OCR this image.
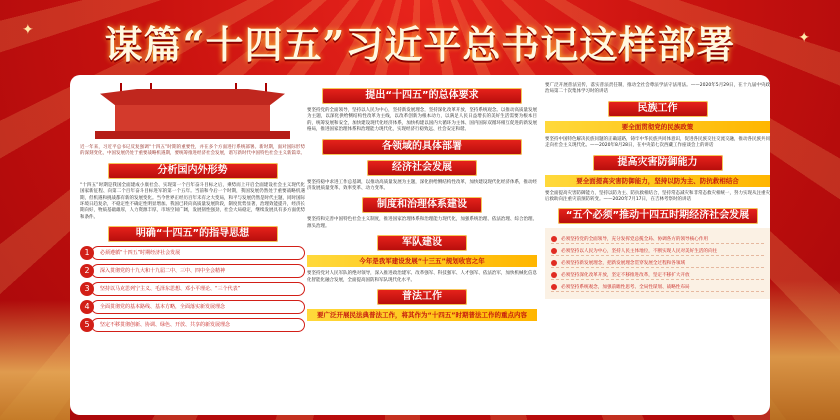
✦	✦
谋篇“十四五”习近平总书记这样部署

近一年来，习近平总书记反复强调“十四五”时期的重要性，并在多个方面进行系统部署。新时期，面对国际形势的深刻变化，中国发展仍处于重要战略机遇期，要统筹推进经济社会发展，谱写新时代中国特色社会主义新篇章。

分析国内外形势

“十四五”时期是我国全面建成小康社会、实现第一个百年奋斗目标之后，乘势而上开启全面建设社会主义现代化国家新征程、向第二个百年奋斗目标进军的第一个五年。当前和今后一个时期，我国发展仍然处于重要战略机遇期，但机遇和挑战都有新的发展变化。当今世界正经历百年未有之大变局，和平与发展仍然是时代主题，同时国际环境日趋复杂，不稳定性不确定性明显增加。我国已转向高质量发展阶段，制度优势显著，治理效能提升，经济长期向好，物质基础雄厚，人力资源丰厚，市场空间广阔，发展韧性强劲，社会大局稳定，继续发展具有多方面优势和条件。

明确“十四五”的指导思想
1	必须遵循“十四五”时期经济社会发展
2	深入贯彻党的十九大和十九届二中、三中、四中全会精神
3	坚持以马克思列宁主义、毛泽东思想、邓小平理论、“三个代表”
4	全面贯彻党的基本路线、基本方略，全面落实新发展理念
5	坚定不移贯彻创新、协调、绿色、开放、共享的新发展理念
提出“十四五”的总体要求

要坚持党的全面领导，坚持以人民为中心，坚持新发展理念，坚持深化改革开放，坚持系统观念。以推动高质量发展为主题，以深化供给侧结构性改革为主线，以改革创新为根本动力，以满足人民日益增长的美好生活需要为根本目的，统筹发展和安全，加快建设现代化经济体系，加快构建以国内大循环为主体、国内国际双循环相互促进的新发展格局，推进国家治理体系和治理能力现代化，实现经济行稳致远、社会安定和谐。

各领域的具体部署
经济社会发展

要坚持稳中求进工作总基调，以推动高质量发展为主题，深化供给侧结构性改革，加快建设现代化经济体系，推动经济发展质量变革、效率变革、动力变革。

制度和治理体系建设

要坚持和完善中国特色社会主义制度，推进国家治理体系和治理能力现代化，加强系统治理、依法治理、综合治理、源头治理。

军队建设
今年是我军建设发展“十三五”规划收官之年

要坚持党对人民军队的绝对领导，深入推进政治建军、改革强军、科技强军、人才强军、依法治军，加快机械化信息化智能化融合发展，全面提高国防和军队现代化水平。

普法工作
要广泛开展民法典普法工作，将其作为“十四五”时期普法工作的重点内容

要广泛开展普法宣传，落实普法责任制，推动全社会尊法学法守法用法。——2020年5月29日，在十九届中央政治局第二十次集体学习时的讲话

民族工作
要全面贯彻党的民族政策

要坚持中国特色解决民族问题的正确道路，铸牢中华民族共同体意识，促进各民族交往交流交融，推动各民族共同走向社会主义现代化。——2020年8月28日，在中央第七次西藏工作座谈会上的讲话

提高灾害防御能力
要全面提高灾害防御能力，坚持以防为主、防抗救相结合

要全面提高灾害防御能力，坚持以防为主、防抗救相结合，坚持常态减灾和非常态救灾相统一，努力实现从注重灾后救助向注重灾前预防转变。——2020年7月17日，在吉林考察时的讲话

“五个必须”推动十四五时期经济社会发展
必须坚持党的全面领导，充分发挥党总揽全局、协调各方的领导核心作用
必须坚持以人民为中心，坚持人民主体地位，不断实现人民对美好生活的向往
必须坚持新发展理念，把新发展理念贯穿发展全过程和各领域
必须坚持深化改革开放，坚定不移推进改革，坚定不移扩大开放
必须坚持系统观念，加强前瞻性思考、全局性谋划、战略性布局
